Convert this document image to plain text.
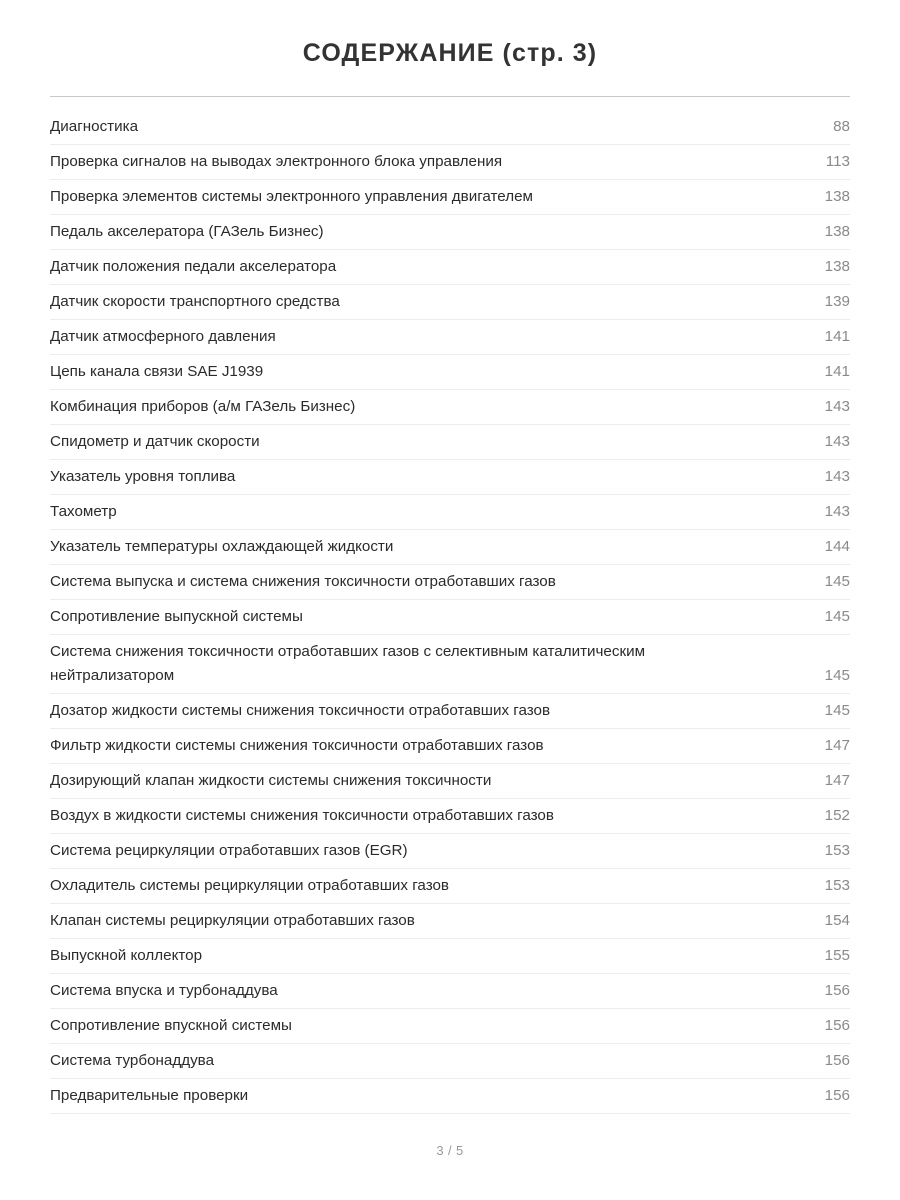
СОДЕРЖАНИЕ (стр. 3)
Диагностика	88
Проверка сигналов на выводах электронного блока управления	113
Проверка элементов системы электронного управления двигателем	138
Педаль акселератора (ГАЗель Бизнес)	138
Датчик положения педали акселератора	138
Датчик скорости транспортного средства	139
Датчик атмосферного давления	141
Цепь канала связи SAE J1939	141
Комбинация приборов (а/м ГАЗель Бизнес)	143
Спидометр и датчик скорости	143
Указатель уровня топлива	143
Тахометр	143
Указатель температуры охлаждающей жидкости	144
Система выпуска и система снижения токсичности отработавших газов	145
Сопротивление выпускной системы	145
Система снижения токсичности отработавших газов с селективным каталитическим нейтрализатором	145
Дозатор жидкости системы снижения токсичности отработавших газов	145
Фильтр жидкости системы снижения токсичности отработавших газов	147
Дозирующий клапан жидкости системы снижения токсичности	147
Воздух в жидкости системы снижения токсичности отработавших газов	152
Система рециркуляции отработавших газов (EGR)	153
Охладитель системы рециркуляции отработавших газов	153
Клапан системы рециркуляции отработавших газов	154
Выпускной коллектор	155
Система впуска и турбонаддува	156
Сопротивление впускной системы	156
Система турбонаддува	156
Предварительные проверки	156
3 / 5
